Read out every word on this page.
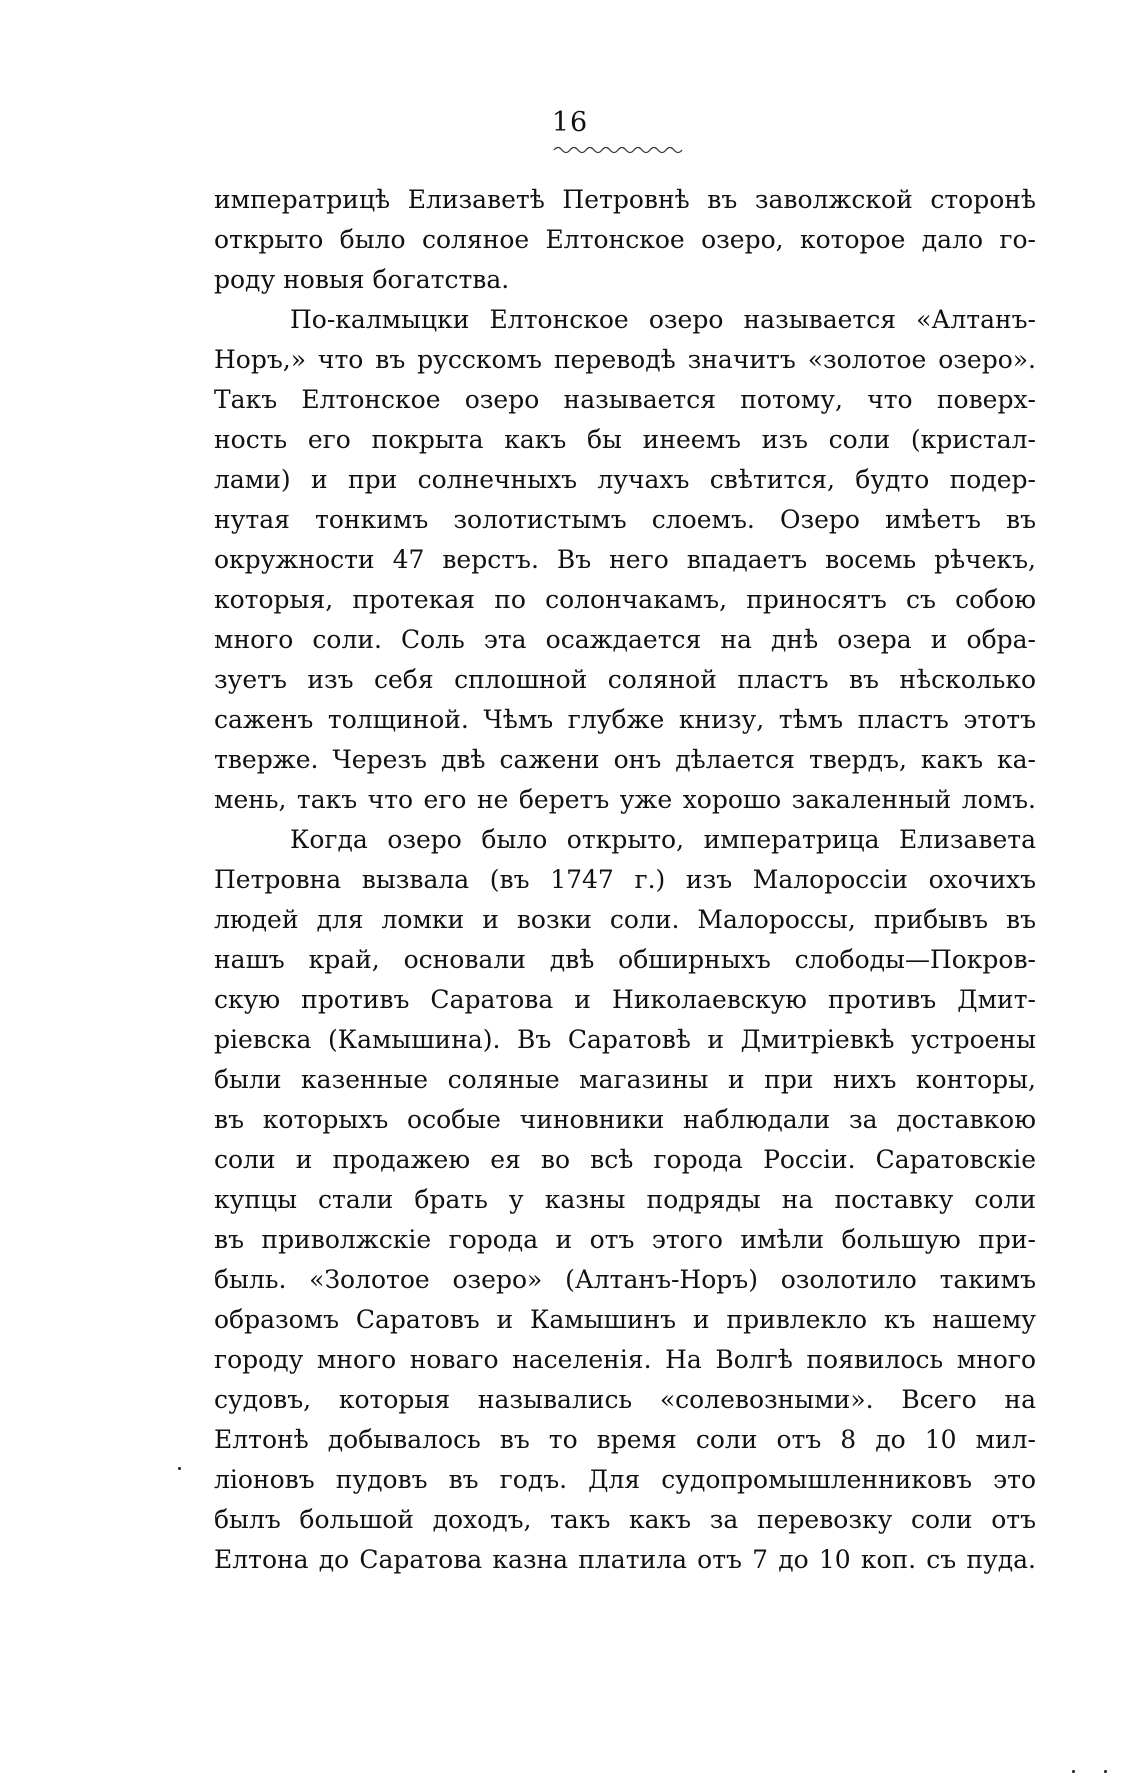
16
императрицѣ Елизаветѣ Петровнѣ въ заволжской сторонѣ
открыто было соляное Елтонское озеро, которое дало го-
роду новыя богатства.
По-калмыцки Елтонское озеро называется «Алтанъ-
Норъ,» что въ русскомъ переводѣ значитъ «золотое озеро».
Такъ Елтонское озеро называется потому, что поверх-
ность его покрыта какъ бы инеемъ изъ соли (кристал-
лами) и при солнечныхъ лучахъ свѣтится, будто подер-
нутая тонкимъ золотистымъ слоемъ. Озеро имѣетъ въ
окружности 47 верстъ. Въ него впадаетъ восемь рѣчекъ,
которыя, протекая по солончакамъ, приносятъ съ собою
много соли. Соль эта осаждается на днѣ озера и обра-
зуетъ изъ себя сплошной соляной пластъ въ нѣсколько
саженъ толщиной. Чѣмъ глубже книзу, тѣмъ пластъ этотъ
тверже. Черезъ двѣ сажени онъ дѣлается твердъ, какъ ка-
мень, такъ что его не беретъ уже хорошо закаленный ломъ.
Когда озеро было открыто, императрица Елизавета
Петровна вызвала (въ 1747 г.) изъ Малороссіи охочихъ
людей для ломки и возки соли. Малороссы, прибывъ въ
нашъ край, основали двѣ обширныхъ слободы—Покров-
скую противъ Саратова и Николаевскую противъ Дмит-
ріевска (Камышина). Въ Саратовѣ и Дмитріевкѣ устроены
были казенные соляные магазины и при нихъ конторы,
въ которыхъ особые чиновники наблюдали за доставкою
соли и продажею ея во всѣ города Россіи. Саратовскіе
купцы стали брать у казны подряды на поставку соли
въ приволжскіе города и отъ этого имѣли большую при-
быль. «Золотое озеро» (Алтанъ-Норъ) озолотило такимъ
образомъ Саратовъ и Камышинъ и привлекло къ нашему
городу много новаго населенія. На Волгѣ появилось много
судовъ, которыя назывались «солевозными». Всего на
Елтонѣ добывалось въ то время соли отъ 8 до 10 мил-
ліоновъ пудовъ въ годъ. Для судопромышленниковъ это
былъ большой доходъ, такъ какъ за перевозку соли отъ
Елтона до Саратова казна платила отъ 7 до 10 коп. съ пуда.
